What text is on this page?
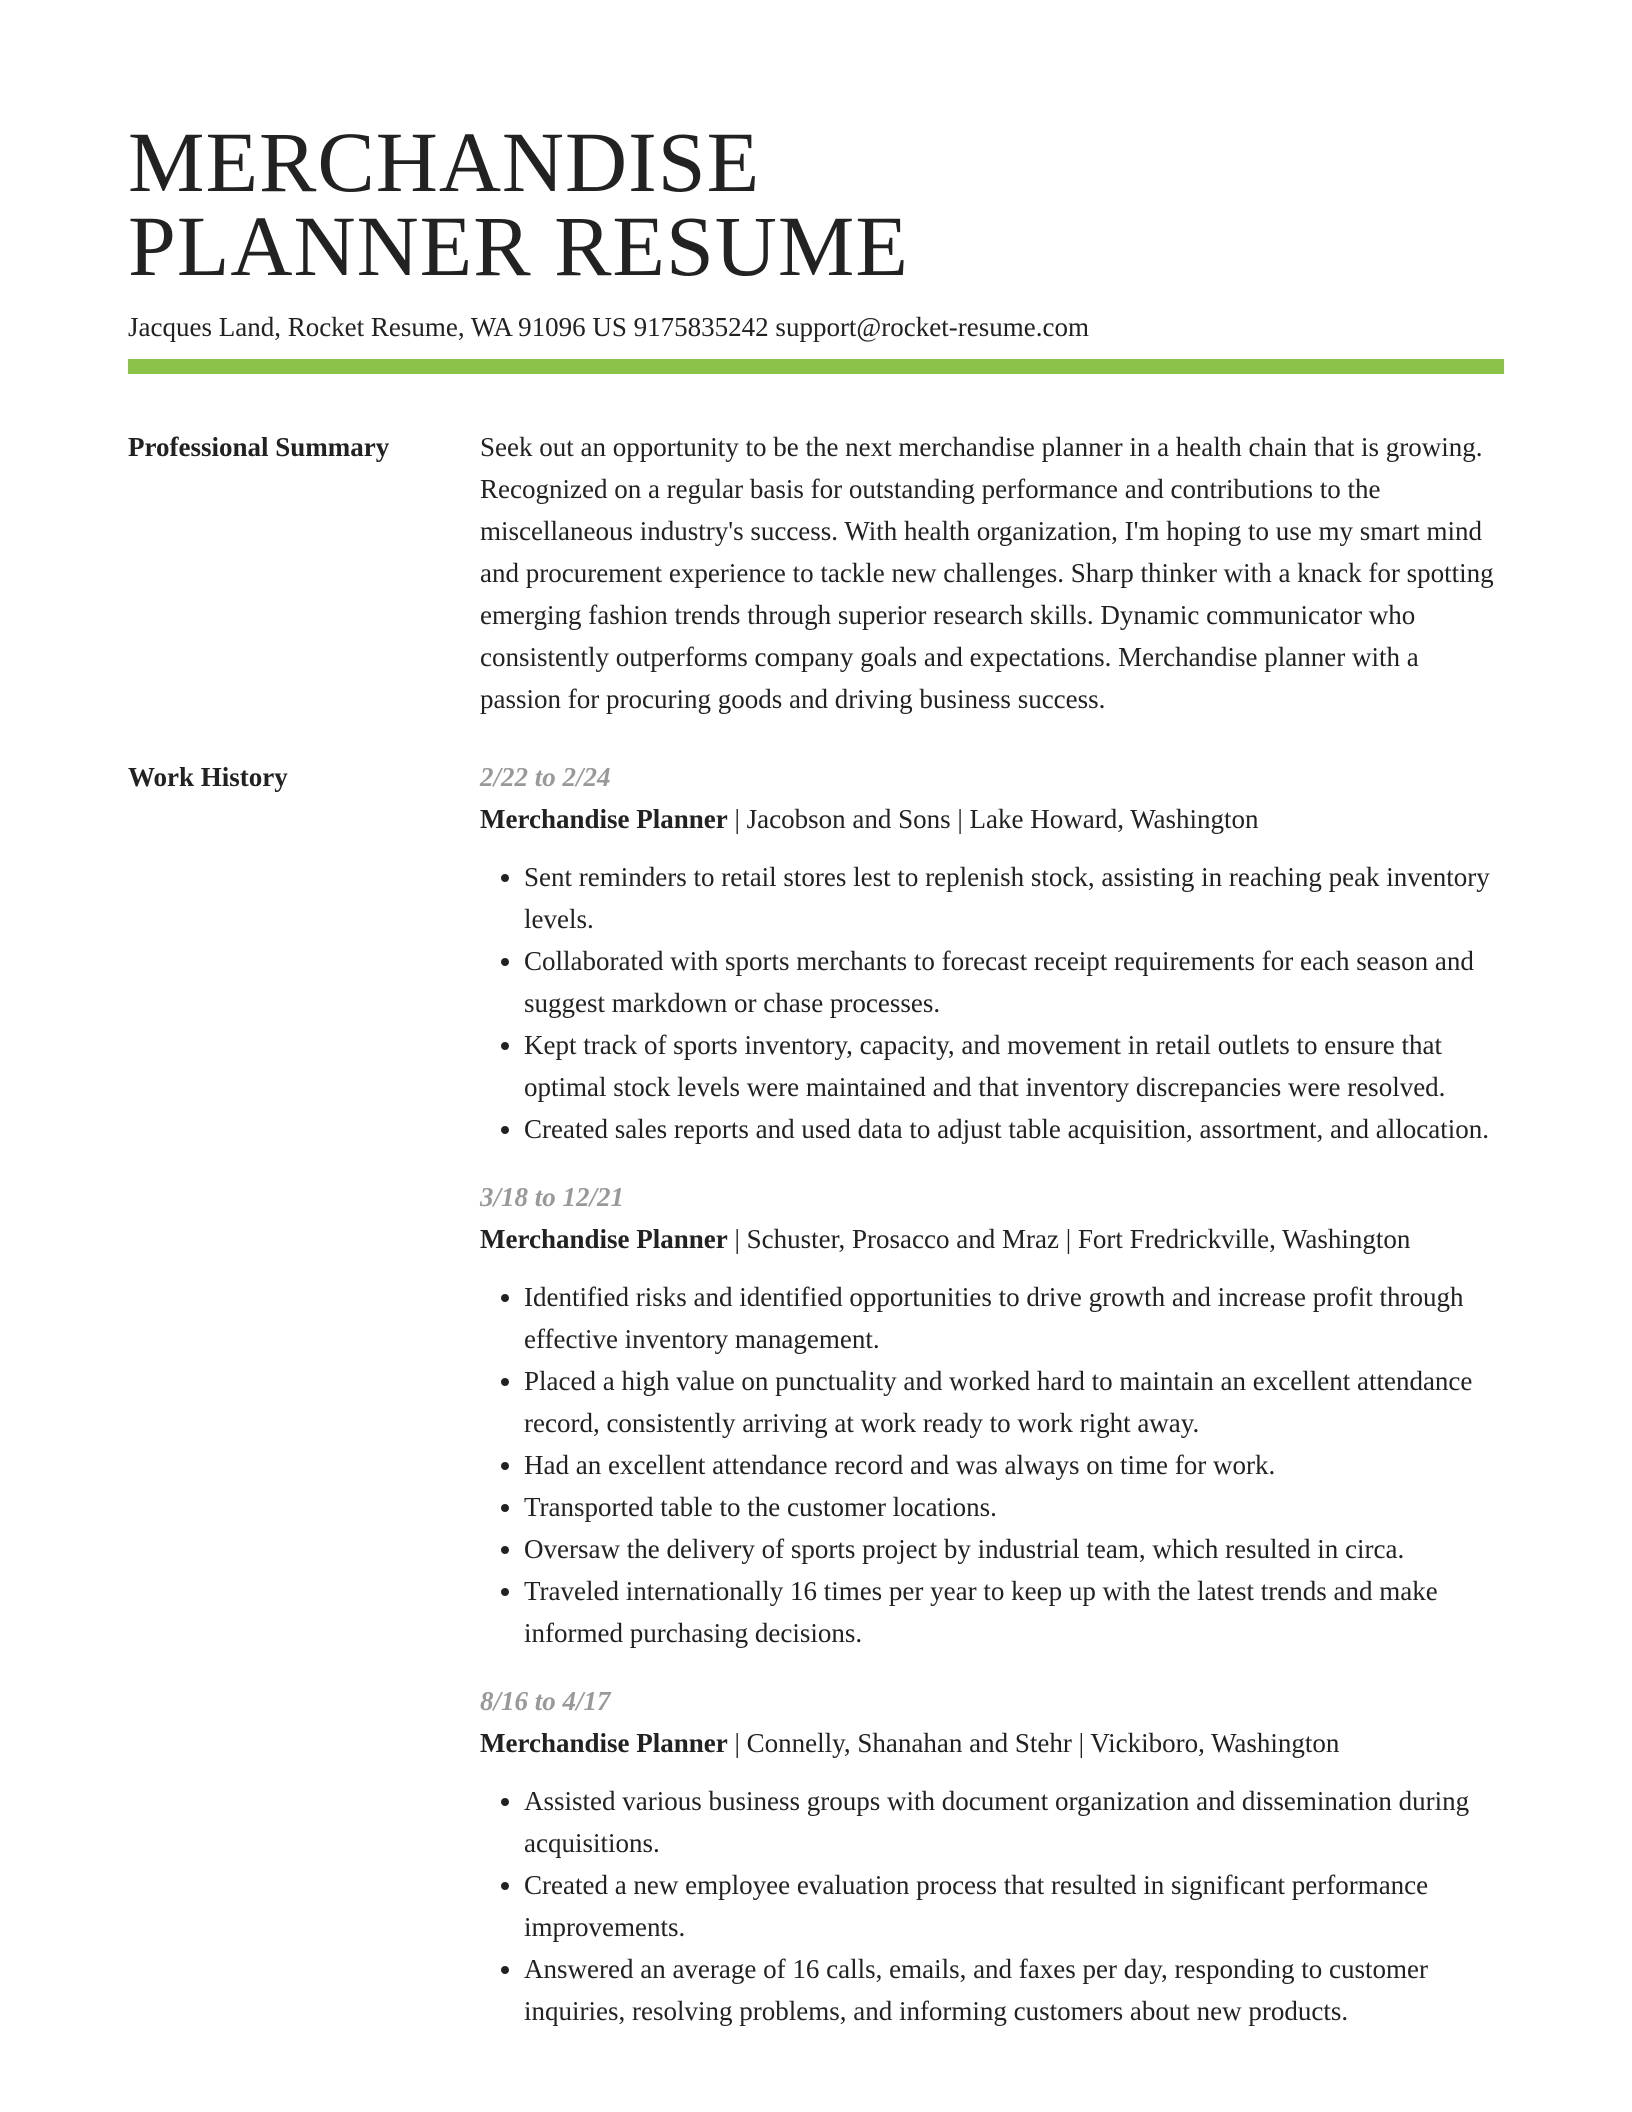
MERCHANDISE
PLANNER RESUME
Jacques Land, Rocket Resume, WA 91096 US 9175835242 support@rocket-resume.com
Professional Summary	Seek out an opportunity to be the next merchandise planner in a health chain that is growing. Recognized on a regular basis for outstanding performance and contributions to the miscellaneous industry's success. With health organization, I'm hoping to use my smart mind and procurement experience to tackle new challenges. Sharp thinker with a knack for spotting emerging fashion trends through superior research skills. Dynamic communicator who consistently outperforms company goals and expectations. Merchandise planner with a passion for procuring goods and driving business success.

Work History	2/22 to 2/24
Merchandise Planner | Jacobson and Sons | Lake Howard, Washington
• Sent reminders to retail stores lest to replenish stock, assisting in reaching peak inventory levels.
• Collaborated with sports merchants to forecast receipt requirements for each season and suggest markdown or chase processes.
• Kept track of sports inventory, capacity, and movement in retail outlets to ensure that optimal stock levels were maintained and that inventory discrepancies were resolved.
• Created sales reports and used data to adjust table acquisition, assortment, and allocation.
3/18 to 12/21
Merchandise Planner | Schuster, Prosacco and Mraz | Fort Fredrickville, Washington
• Identified risks and identified opportunities to drive growth and increase profit through effective inventory management.
• Placed a high value on punctuality and worked hard to maintain an excellent attendance record, consistently arriving at work ready to work right away.
• Had an excellent attendance record and was always on time for work.
• Transported table to the customer locations.
• Oversaw the delivery of sports project by industrial team, which resulted in circa.
• Traveled internationally 16 times per year to keep up with the latest trends and make informed purchasing decisions.
8/16 to 4/17
Merchandise Planner | Connelly, Shanahan and Stehr | Vickiboro, Washington
• Assisted various business groups with document organization and dissemination during acquisitions.
• Created a new employee evaluation process that resulted in significant performance improvements.
• Answered an average of 16 calls, emails, and faxes per day, responding to customer inquiries, resolving problems, and informing customers about new products.
